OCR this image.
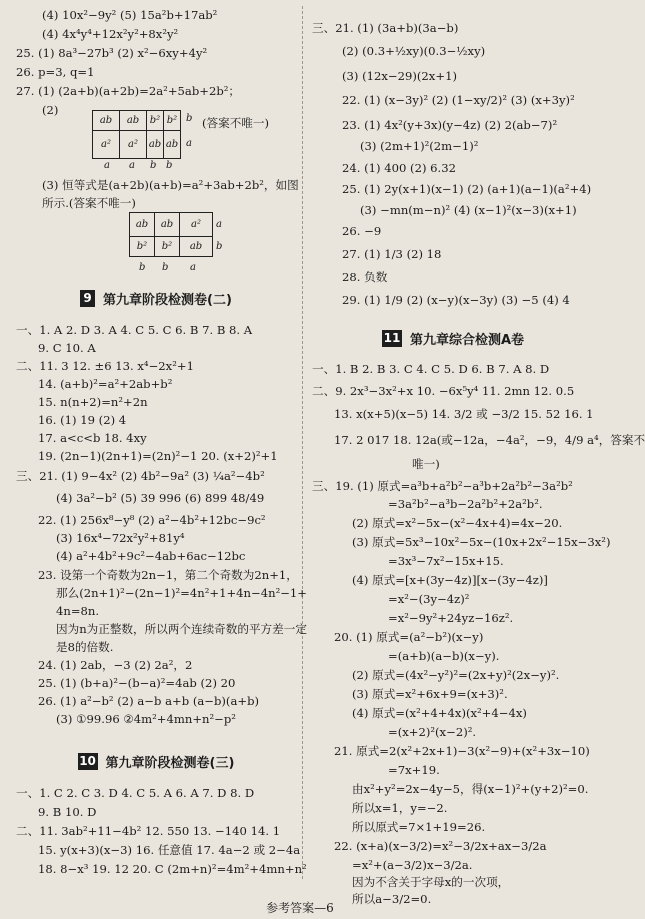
(4) 10x²−9y² (5) 15a²b+17ab²
(4) 4x⁴y⁴+12x²y²+8x²y²
25. (1) 8a³−27b³ (2) x²−6xy+4y²
26. p=3, q=1
27. (1) (2a+b)(a+2b)=2a²+5ab+2b²；
(2)
ab	ab	b²	b²
a²	a²	ab	ab
b
a
a a b b
(答案不唯一)
(3) 恒等式是(a+2b)(a+b)=a²+3ab+2b²，如图
所示.(答案不唯一)
ab	ab	a²
b²	b²	ab
a
b
b b a
9 第九章阶段检测卷(二)
一、1. A 2. D 3. A 4. C 5. C 6. B 7. B 8. A
9. C 10. A
二、11. 3 12. ±6 13. x⁴−2x²+1
14. (a+b)²=a²+2ab+b²
15. n(n+2)=n²+2n
16. (1) 19 (2) 4
17. a<c<b 18. 4xy
19. (2n−1)(2n+1)=(2n)²−1 20. (x+2)²+1
三、21. (1) 9−4x² (2) 4b²−9a² (3) ¼a²−4b²
(4) 3a²−b² (5) 39 996 (6) 899 48/49
22. (1) 256x⁸−y⁸ (2) a²−4b²+12bc−9c²
(3) 16x⁴−72x²y²+81y⁴
(4) a²+4b²+9c²−4ab+6ac−12bc
23. 设第一个奇数为2n−1，第二个奇数为2n+1，
那么(2n+1)²−(2n−1)²=4n²+1+4n−4n²−1+
4n=8n.
因为n为正整数，所以两个连续奇数的平方差一定
是8的倍数.
24. (1) 2ab，−3 (2) 2a²，2
25. (1) (b+a)²−(b−a)²=4ab (2) 20
26. (1) a²−b² (2) a−b a+b (a−b)(a+b)
(3) ①99.96 ②4m²+4mn+n²−p²
10 第九章阶段检测卷(三)
一、1. C 2. C 3. D 4. C 5. A 6. A 7. D 8. D
9. B 10. D
二、11. 3ab²+11−4b² 12. 550 13. −140 14. 1
15. y(x+3)(x−3) 16. 任意值 17. 4a−2 或 2−4a
18. 8−x³ 19. 12 20. C (2m+n)²=4m²+4mn+n²
三、21. (1) (3a+b)(3a−b)
(2) (0.3+½xy)(0.3−½xy)
(3) (12x−29)(2x+1)
22. (1) (x−3y)² (2) (1−xy/2)² (3) (x+3y)²
23. (1) 4x²(y+3x)(y−4z) (2) 2(ab−7)²
(3) (2m+1)²(2m−1)²
24. (1) 400 (2) 6.32
25. (1) 2y(x+1)(x−1) (2) (a+1)(a−1)(a²+4)
(3) −mn(m−n)² (4) (x−1)²(x−3)(x+1)
26. −9
27. (1) 1/3 (2) 18
28. 负数
29. (1) 1/9 (2) (x−y)(x−3y) (3) −5 (4) 4
11 第九章综合检测A卷
一、1. B 2. B 3. C 4. C 5. D 6. B 7. A 8. D
二、9. 2x³−3x²+x 10. −6x⁵y⁴ 11. 2mn 12. 0.5
13. x(x+5)(x−5) 14. 3/2 或 −3/2 15. 52 16. 1
17. 2 017 18. 12a(或−12a，−4a²，−9，4/9 a⁴，答案不
唯一)
三、19. (1) 原式=a³b+a²b²−a³b+2a²b²−3a²b²
=3a²b²−a³b−2a²b²+2a²b².
(2) 原式=x²−5x−(x²−4x+4)=4x−20.
(3) 原式=5x³−10x²−5x−(10x+2x²−15x−3x²)
=3x³−7x²−15x+15.
(4) 原式=[x+(3y−4z)][x−(3y−4z)]
=x²−(3y−4z)²
=x²−9y²+24yz−16z².
20. (1) 原式=(a²−b²)(x−y)
=(a+b)(a−b)(x−y).
(2) 原式=(4x²−y²)²=(2x+y)²(2x−y)².
(3) 原式=x²+6x+9=(x+3)².
(4) 原式=(x²+4+4x)(x²+4−4x)
=(x+2)²(x−2)².
21. 原式=2(x²+2x+1)−3(x²−9)+(x²+3x−10)
=7x+19.
由x²+y²=2x−4y−5，得(x−1)²+(y+2)²=0.
所以x=1，y=−2.
所以原式=7×1+19=26.
22. (x+a)(x−3/2)=x²−3/2x+ax−3/2a
=x²+(a−3/2)x−3/2a.
因为不含关于字母x的一次项，
所以a−3/2=0.
参考答案—6
